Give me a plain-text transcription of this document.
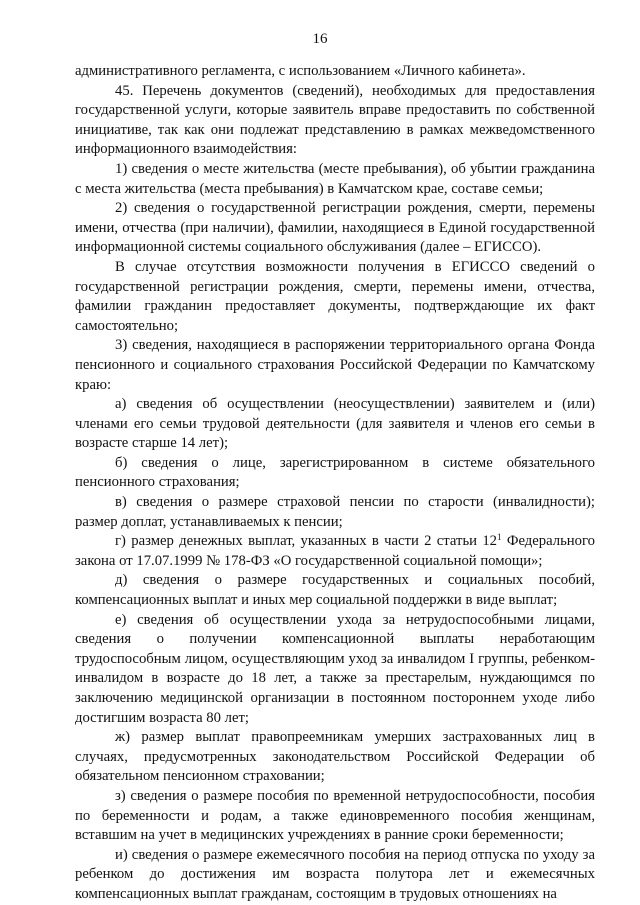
16

административного регламента, с использованием «Личного кабинета».

45. Перечень документов (сведений), необходимых для предоставления государственной услуги, которые заявитель вправе предоставить по собственной инициативе, так как они подлежат представлению в рамках межведомственного информационного взаимодействия:

1) сведения о месте жительства (месте пребывания), об убытии гражданина с места жительства (места пребывания) в Камчатском крае, составе семьи;

2) сведения о государственной регистрации рождения, смерти, перемены имени, отчества (при наличии), фамилии, находящиеся в Единой государственной информационной системы социального обслуживания (далее – ЕГИССО).

В случае отсутствия возможности получения в ЕГИССО сведений о государственной регистрации рождения, смерти, перемены имени, отчества, фамилии гражданин предоставляет документы, подтверждающие их факт самостоятельно;

3) сведения, находящиеся в распоряжении территориального органа Фонда пенсионного и социального страхования Российской Федерации по Камчатскому краю:

а) сведения об осуществлении (неосуществлении) заявителем и (или) членами его семьи трудовой деятельности (для заявителя и членов его семьи в возрасте старше 14 лет);

б) сведения о лице, зарегистрированном в системе обязательного пенсионного страхования;

в) сведения о размере страховой пенсии по старости (инвалидности); размер доплат, устанавливаемых к пенсии;

г) размер денежных выплат, указанных в части 2 статьи $12^1$ Федерального закона от 17.07.1999 № 178-ФЗ «О государственной социальной помощи»;

д) сведения о размере государственных и социальных пособий, компенсационных выплат и иных мер социальной поддержки в виде выплат;

е) сведения об осуществлении ухода за нетрудоспособными лицами, сведения о получении компенсационной выплаты неработающим трудоспособным лицом, осуществляющим уход за инвалидом I группы, ребенком-инвалидом в возрасте до 18 лет, а также за престарелым, нуждающимся по заключению медицинской организации в постоянном постороннем уходе либо достигшим возраста 80 лет;

ж) размер выплат правопреемникам умерших застрахованных лиц в случаях, предусмотренных законодательством Российской Федерации об обязательном пенсионном страховании;

з) сведения о размере пособия по временной нетрудоспособности, пособия по беременности и родам, а также единовременного пособия женщинам, вставшим на учет в медицинских учреждениях в ранние сроки беременности;

и) сведения о размере ежемесячного пособия на период отпуска по уходу за ребенком до достижения им возраста полутора лет и ежемесячных компенсационных выплат гражданам, состоящим в трудовых отношениях на
